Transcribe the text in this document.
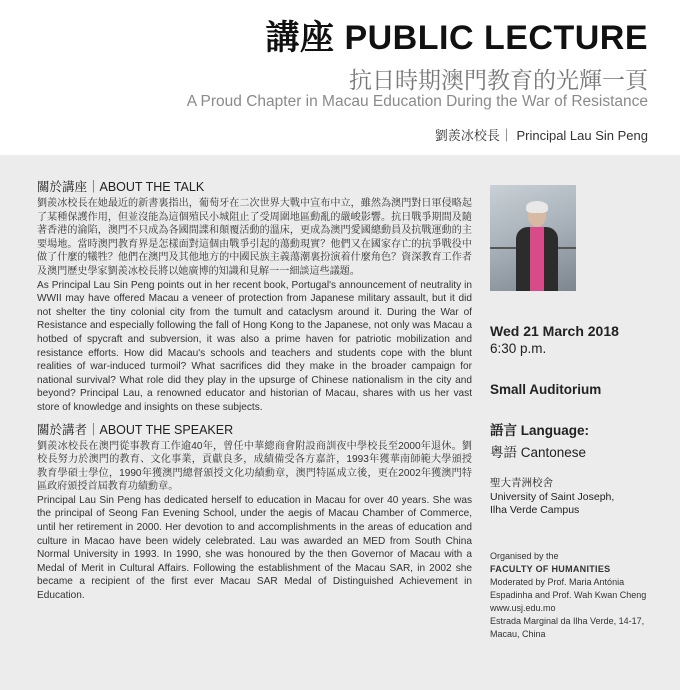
講座 PUBLIC LECTURE
抗日時期澳門教育的光輝一頁
A Proud Chapter in Macau Education During the War of Resistance
劉羨冰校長｜ Principal Lau Sin Peng
關於講座｜ABOUT THE TALK

劉羨冰校長在她最近的新書裏指出，葡萄牙在二次世界大戰中宣布中立，雖然為澳門對日軍侵略起了某種保護作用，但並沒能為這個殖民小城阻止了受周圍地區動亂的嚴峻影響。抗日戰爭期間及隨著香港的淪陷，澳門不只成為各國間諜和顛覆活動的溫床，更成為澳門愛國總動員及抗戰運動的主要場地。當時澳門教育界是怎樣面對這個由戰爭引起的蕩動現實？他們又在國家存亡的抗爭戰役中做了什麼的犧牲？他們在澳門及其他地方的中國民族主義蕩潮裏扮演着什麼角色？資深教育工作者及澳門歷史學家劉羨冰校長將以她廣博的知識和見解一一細談這些議題。

As Principal Lau Sin Peng points out in her recent book, Portugal's announcement of neutrality in WWII may have offered Macau a veneer of protection from Japanese military assault, but it did not shelter the tiny colonial city from the tumult and cataclysm around it. During the War of Resistance and especially following the fall of Hong Kong to the Japanese, not only was Macau a hotbed of spycraft and subversion, it was also a prime haven for patriotic mobilization and resistance efforts. How did Macau's schools and teachers and students cope with the blunt realities of war-induced turmoil? What sacrifices did they make in the broader campaign for national survival? What role did they play in the upsurge of Chinese nationalism in the city and beyond? Principal Lau, a renowned educator and historian of Macau, shares with us her vast store of knowledge and insights on these subjects.

關於講者｜ABOUT THE SPEAKER

劉羨冰校長在澳門從事教育工作逾40年，曾任中華總商會附設商訓夜中學校長至2000年退休。劉校長努力於澳門的教育、文化事業，貢獻良多，成績備受各方嘉許，1993年獲華南師範大學頒授教育學碩士學位，1990年獲澳門總督頒授文化功績勳章，澳門特區成立後，更在2002年獲澳門特區政府頒授首屆教育功績勳章。

Principal Lau Sin Peng has dedicated herself to education in Macau for over 40 years. She was the principal of Seong Fan Evening School, under the aegis of Macau Chamber of Commerce, until her retirement in 2000. Her devotion to and accomplishments in the areas of education and culture in Macao have been widely celebrated. Lau was awarded an MED from South China Normal University in 1993. In 1990, she was honoured by the then Governor of Macau with a Medal of Merit in Cultural Affairs. Following the establishment of the Macau SAR, in 2002 she became a recipient of the first ever Macau SAR Medal of Distinguished Achievement in Education.

Wed 21 March 2018
6:30 p.m.
Small Auditorium
語言 Language:
粵語 Cantonese
聖大青洲校舍
University of Saint Joseph,
Ilha Verde Campus
Organised by the
FACULTY OF HUMANITIES
Moderated by Prof. Maria Antónia
Espadinha and Prof. Wah Kwan Cheng
www.usj.edu.mo
Estrada Marginal da Ilha Verde, 14-17,
Macau, China
